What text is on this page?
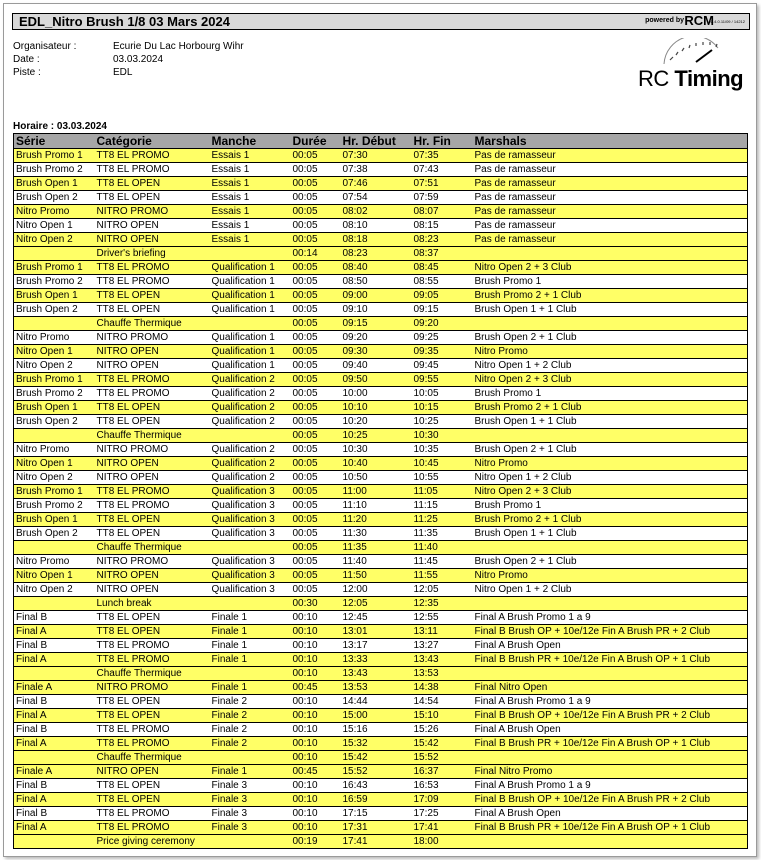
EDL_Nitro Brush 1/8 03 Mars 2024	powered by RCM
v2.4.0.11/09 / 14212
Organisateur :	Ecurie Du Lac Horbourg Wihr
Date :	03.03.2024
Piste :	EDL	RC Timing
Horaire : 03.03.2024
Série	Catégorie	Manche	Durée	Hr. Début	Hr. Fin	Marshals
Brush Promo 1	TT8 EL PROMO	Essais 1	00:05	07:30	07:35	Pas de ramasseur
Brush Promo 2	TT8 EL PROMO	Essais 1	00:05	07:38	07:43	Pas de ramasseur
Brush Open 1	TT8 EL OPEN	Essais 1	00:05	07:46	07:51	Pas de ramasseur
Brush Open 2	TT8 EL OPEN	Essais 1	00:05	07:54	07:59	Pas de ramasseur
Nitro Promo	NITRO PROMO	Essais 1	00:05	08:02	08:07	Pas de ramasseur
Nitro Open 1	NITRO OPEN	Essais 1	00:05	08:10	08:15	Pas de ramasseur
Nitro Open 2	NITRO OPEN	Essais 1	00:05	08:18	08:23	Pas de ramasseur
	Driver's briefing		00:14	08:23	08:37	
Brush Promo 1	TT8 EL PROMO	Qualification 1	00:05	08:40	08:45	Nitro Open 2 + 3 Club
Brush Promo 2	TT8 EL PROMO	Qualification 1	00:05	08:50	08:55	Brush Promo 1
Brush Open 1	TT8 EL OPEN	Qualification 1	00:05	09:00	09:05	Brush Promo 2 + 1 Club
Brush Open 2	TT8 EL OPEN	Qualification 1	00:05	09:10	09:15	Brush Open 1 + 1 Club
	Chauffe Thermique		00:05	09:15	09:20	
Nitro Promo	NITRO PROMO	Qualification 1	00:05	09:20	09:25	Brush Open 2 + 1 Club
Nitro Open 1	NITRO OPEN	Qualification 1	00:05	09:30	09:35	Nitro Promo
Nitro Open 2	NITRO OPEN	Qualification 1	00:05	09:40	09:45	Nitro Open 1 + 2 Club
Brush Promo 1	TT8 EL PROMO	Qualification 2	00:05	09:50	09:55	Nitro Open 2 + 3 Club
Brush Promo 2	TT8 EL PROMO	Qualification 2	00:05	10:00	10:05	Brush Promo 1
Brush Open 1	TT8 EL OPEN	Qualification 2	00:05	10:10	10:15	Brush Promo 2 + 1 Club
Brush Open 2	TT8 EL OPEN	Qualification 2	00:05	10:20	10:25	Brush Open 1 + 1 Club
	Chauffe Thermique		00:05	10:25	10:30	
Nitro Promo	NITRO PROMO	Qualification 2	00:05	10:30	10:35	Brush Open 2 + 1 Club
Nitro Open 1	NITRO OPEN	Qualification 2	00:05	10:40	10:45	Nitro Promo
Nitro Open 2	NITRO OPEN	Qualification 2	00:05	10:50	10:55	Nitro Open 1 + 2 Club
Brush Promo 1	TT8 EL PROMO	Qualification 3	00:05	11:00	11:05	Nitro Open 2 + 3 Club
Brush Promo 2	TT8 EL PROMO	Qualification 3	00:05	11:10	11:15	Brush Promo 1
Brush Open 1	TT8 EL OPEN	Qualification 3	00:05	11:20	11:25	Brush Promo 2 + 1 Club
Brush Open 2	TT8 EL OPEN	Qualification 3	00:05	11:30	11:35	Brush Open 1 + 1 Club
	Chauffe Thermique		00:05	11:35	11:40	
Nitro Promo	NITRO PROMO	Qualification 3	00:05	11:40	11:45	Brush Open 2 + 1 Club
Nitro Open 1	NITRO OPEN	Qualification 3	00:05	11:50	11:55	Nitro Promo
Nitro Open 2	NITRO OPEN	Qualification 3	00:05	12:00	12:05	Nitro Open 1 + 2 Club
	Lunch break		00:30	12:05	12:35	
Final B	TT8 EL OPEN	Finale 1	00:10	12:45	12:55	Final A Brush Promo 1 a 9
Final A	TT8 EL OPEN	Finale 1	00:10	13:01	13:11	Final B Brush OP + 10e/12e Fin A Brush PR + 2 Club
Final B	TT8 EL PROMO	Finale 1	00:10	13:17	13:27	Final A Brush Open
Final A	TT8 EL PROMO	Finale 1	00:10	13:33	13:43	Final B Brush PR + 10e/12e Fin A Brush OP + 1 Club
	Chauffe Thermique		00:10	13:43	13:53	
Finale A	NITRO PROMO	Finale 1	00:45	13:53	14:38	Final Nitro Open
Final B	TT8 EL OPEN	Finale 2	00:10	14:44	14:54	Final A Brush Promo 1 a 9
Final A	TT8 EL OPEN	Finale 2	00:10	15:00	15:10	Final B Brush OP + 10e/12e Fin A Brush PR + 2 Club
Final B	TT8 EL PROMO	Finale 2	00:10	15:16	15:26	Final A Brush Open
Final A	TT8 EL PROMO	Finale 2	00:10	15:32	15:42	Final B Brush PR + 10e/12e Fin A Brush OP + 1 Club
	Chauffe Thermique		00:10	15:42	15:52	
Finale A	NITRO OPEN	Finale 1	00:45	15:52	16:37	Final Nitro Promo
Final B	TT8 EL OPEN	Finale 3	00:10	16:43	16:53	Final A Brush Promo 1 a 9
Final A	TT8 EL OPEN	Finale 3	00:10	16:59	17:09	Final B Brush OP + 10e/12e Fin A Brush PR + 2 Club
Final B	TT8 EL PROMO	Finale 3	00:10	17:15	17:25	Final A Brush Open
Final A	TT8 EL PROMO	Finale 3	00:10	17:31	17:41	Final B Brush PR + 10e/12e Fin A Brush OP + 1 Club
	Price giving ceremony		00:19	17:41	18:00	
